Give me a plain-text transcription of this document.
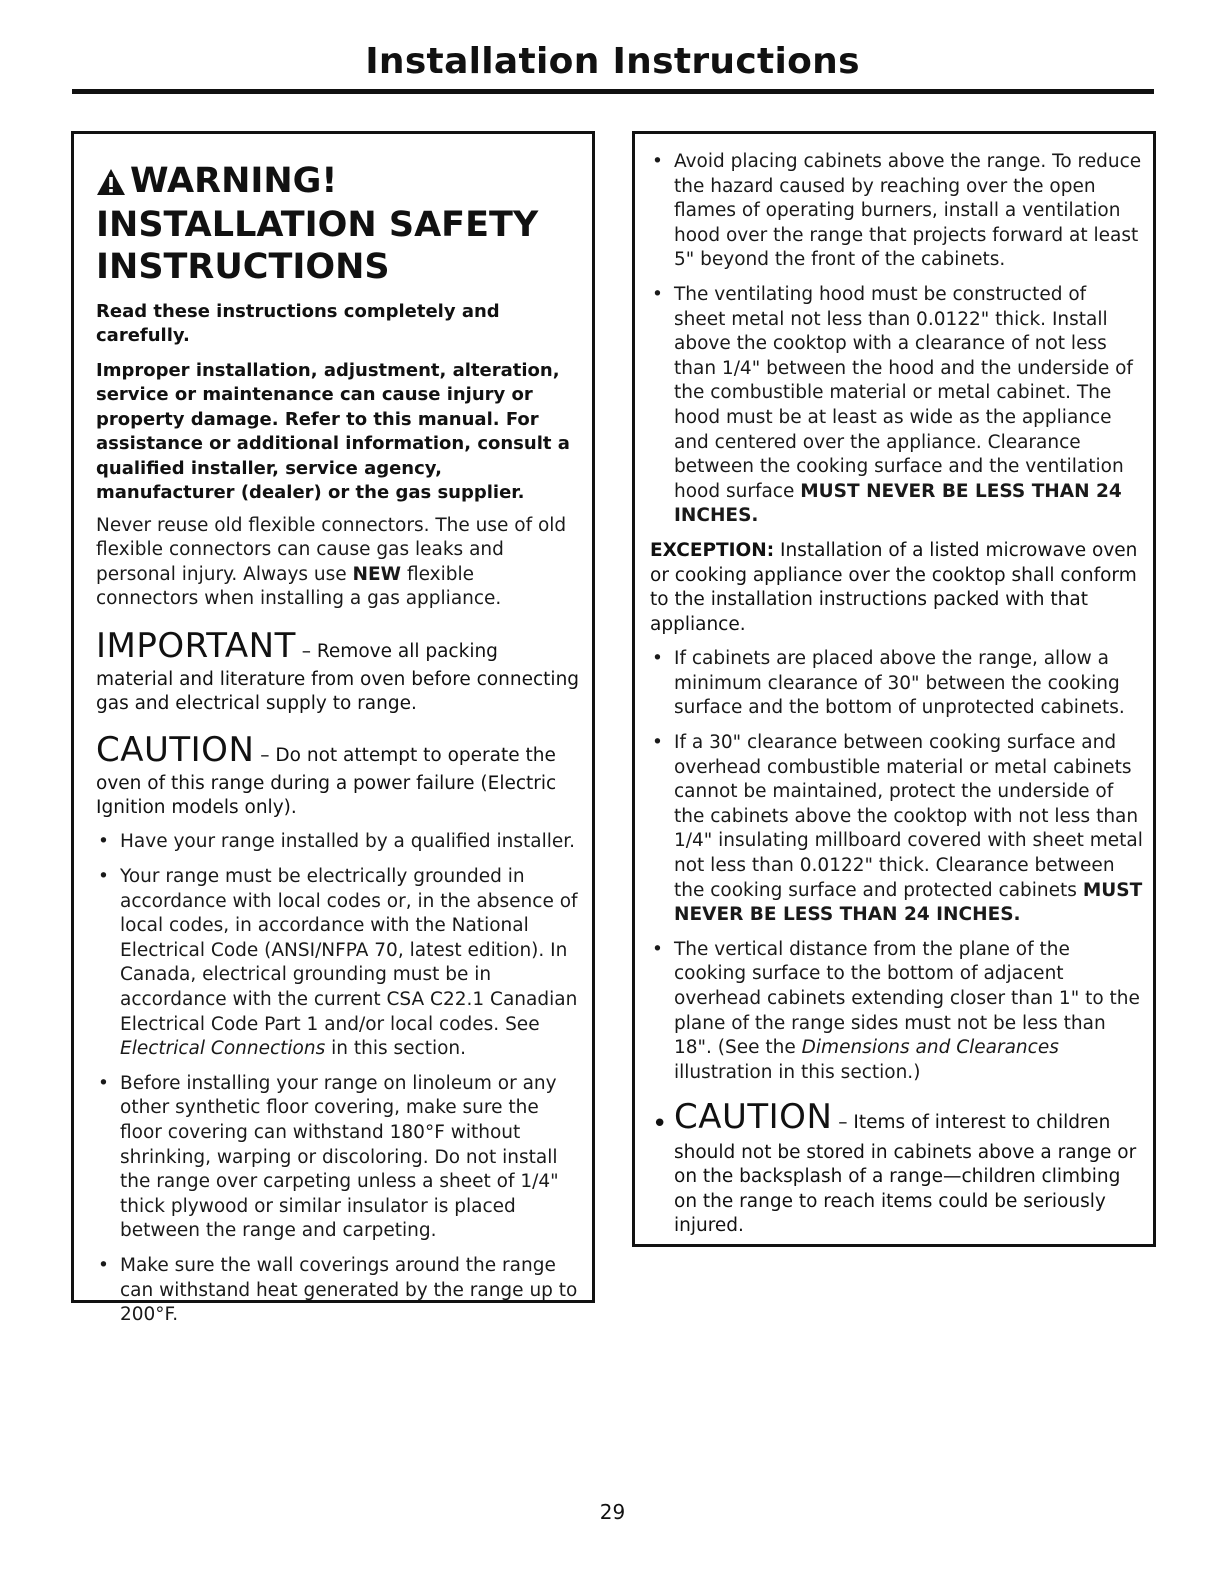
Installation Instructions
WARNING!
INSTALLATION SAFETY INSTRUCTIONS
Read these instructions completely and carefully.
Improper installation, adjustment, alteration, service or maintenance can cause injury or property damage. Refer to this manual. For assistance or additional information, consult a qualified installer, service agency, manufacturer (dealer) or the gas supplier.
Never reuse old flexible connectors. The use of old flexible connectors can cause gas leaks and personal injury. Always use NEW flexible connectors when installing a gas appliance.
IMPORTANT – Remove all packing material and literature from oven before connecting gas and electrical supply to range.
CAUTION – Do not attempt to operate the oven of this range during a power failure (Electric Ignition models only).
• Have your range installed by a qualified installer.
• Your range must be electrically grounded in accordance with local codes or, in the absence of local codes, in accordance with the National Electrical Code (ANSI/NFPA 70, latest edition). In Canada, electrical grounding must be in accordance with the current CSA C22.1 Canadian Electrical Code Part 1 and/or local codes. See Electrical Connections in this section.
• Before installing your range on linoleum or any other synthetic floor covering, make sure the floor covering can withstand 180°F without shrinking, warping or discoloring. Do not install the range over carpeting unless a sheet of 1/4" thick plywood or similar insulator is placed between the range and carpeting.
• Make sure the wall coverings around the range can withstand heat generated by the range up to 200°F.
• Avoid placing cabinets above the range. To reduce the hazard caused by reaching over the open flames of operating burners, install a ventilation hood over the range that projects forward at least 5" beyond the front of the cabinets.
• The ventilating hood must be constructed of sheet metal not less than 0.0122" thick. Install above the cooktop with a clearance of not less than 1/4" between the hood and the underside of the combustible material or metal cabinet. The hood must be at least as wide as the appliance and centered over the appliance. Clearance between the cooking surface and the ventilation hood surface MUST NEVER BE LESS THAN 24 INCHES.
EXCEPTION: Installation of a listed microwave oven or cooking appliance over the cooktop shall conform to the installation instructions packed with that appliance.
• If cabinets are placed above the range, allow a minimum clearance of 30" between the cooking surface and the bottom of unprotected cabinets.
• If a 30" clearance between cooking surface and overhead combustible material or metal cabinets cannot be maintained, protect the underside of the cabinets above the cooktop with not less than 1/4" insulating millboard covered with sheet metal not less than 0.0122" thick. Clearance between the cooking surface and protected cabinets MUST NEVER BE LESS THAN 24 INCHES.
• The vertical distance from the plane of the cooking surface to the bottom of adjacent overhead cabinets extending closer than 1" to the plane of the range sides must not be less than 18". (See the Dimensions and Clearances illustration in this section.)
• CAUTION – Items of interest to children should not be stored in cabinets above a range or on the backsplash of a range—children climbing on the range to reach items could be seriously injured.
29
